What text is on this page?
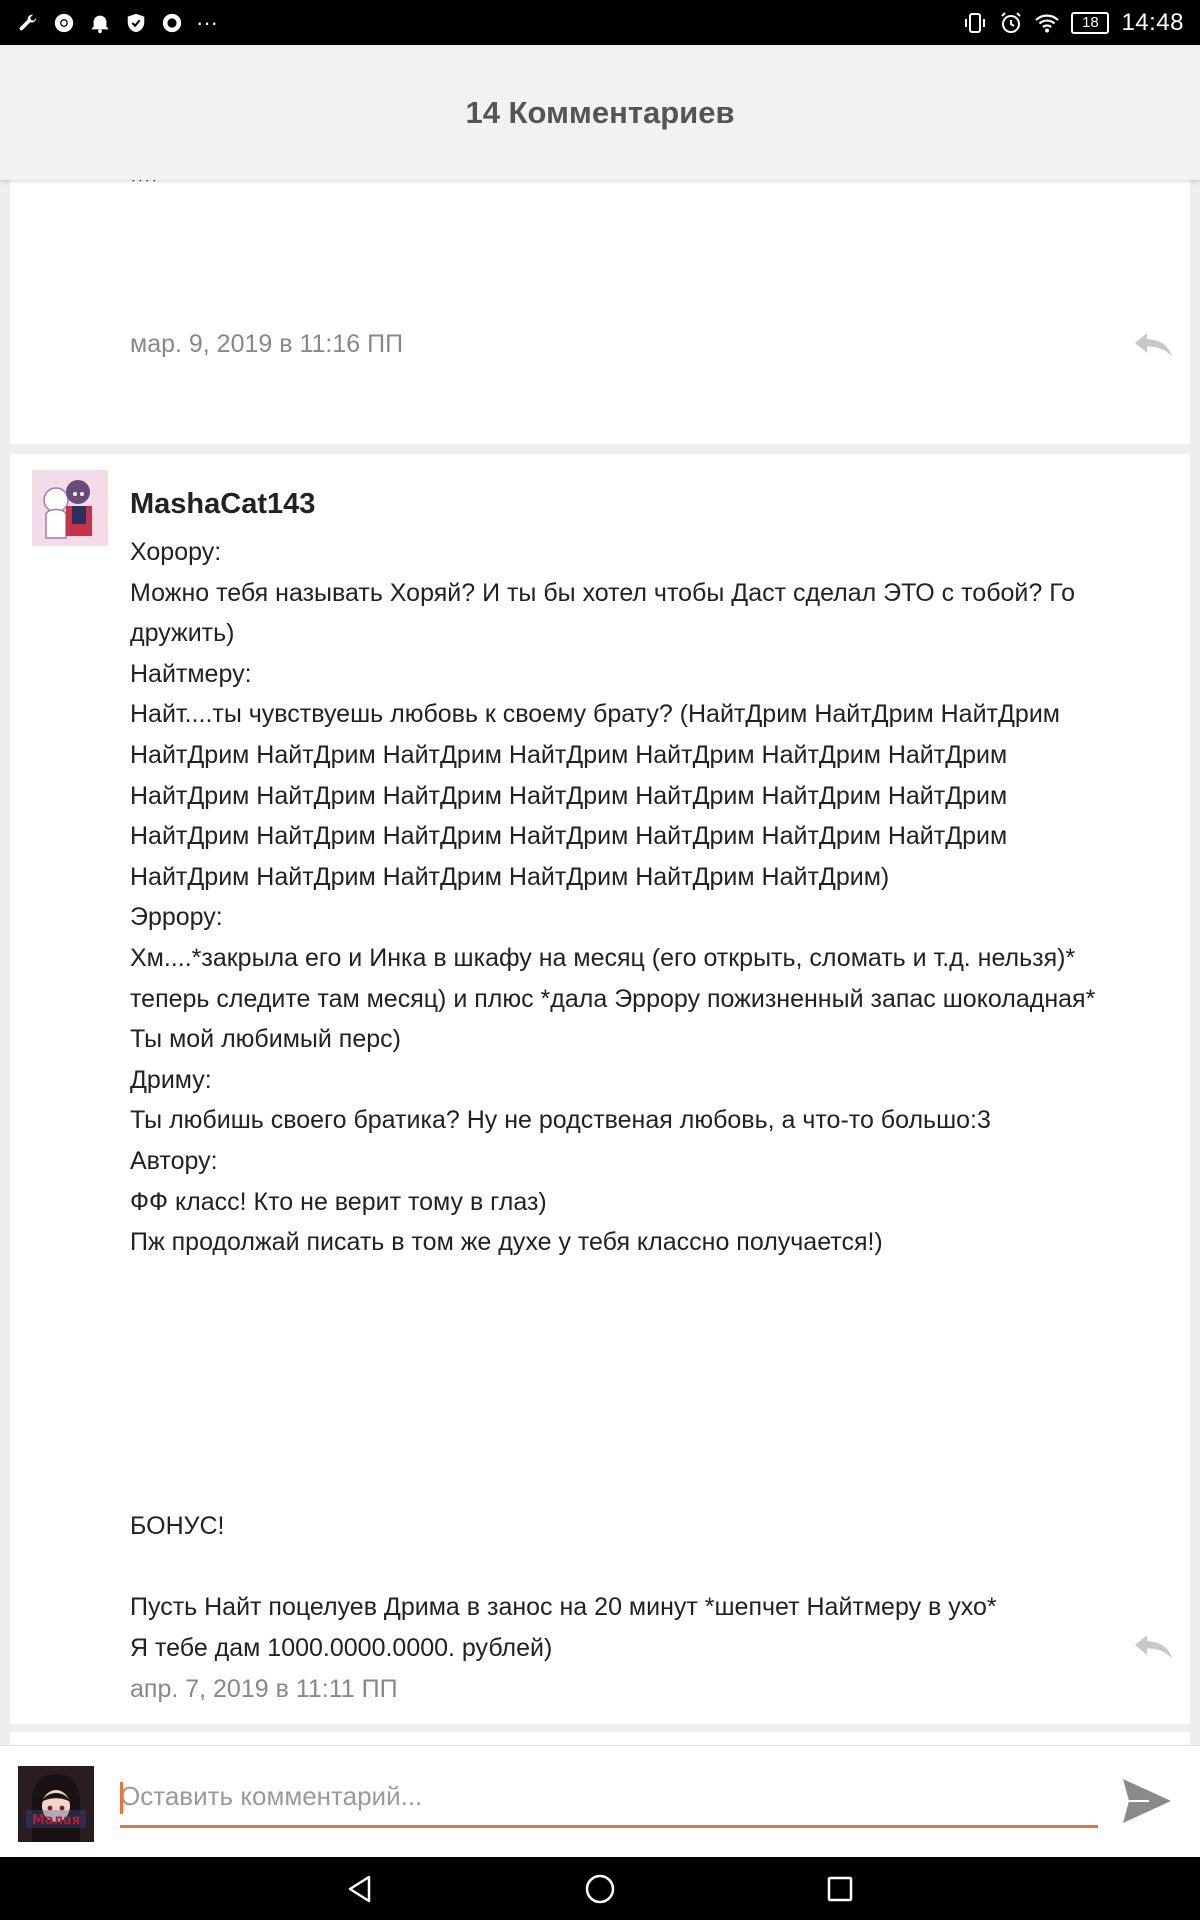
···	18 14:48
14 Комментариев
мар. 9, 2019 в 11:16 ПП
MashaCat143
Хорору:
Можно тебя называть Хоряй? И ты бы хотел чтобы Даст сделал ЭТО с тобой? Го
дружить)
Найтмеру:
Найт....ты чувствуешь любовь к своему брату? (НайтДрим НайтДрим НайтДрим
НайтДрим НайтДрим НайтДрим НайтДрим НайтДрим НайтДрим НайтДрим
НайтДрим НайтДрим НайтДрим НайтДрим НайтДрим НайтДрим НайтДрим
НайтДрим НайтДрим НайтДрим НайтДрим НайтДрим НайтДрим НайтДрим
НайтДрим НайтДрим НайтДрим НайтДрим НайтДрим НайтДрим)
Эррору:
Хм....*закрыла его и Инка в шкафу на месяц (его открыть, сломать и т.д. нельзя)*
теперь следите там месяц) и плюс *дала Эррору пожизненный запас шоколадная*
Ты мой любимый перс)
Дриму:
Ты любишь своего братика? Ну не родственая любовь, а что-то большо:3
Автору:
ФФ класс! Кто не верит тому в глаз)
Пж продолжай писать в том же духе у тебя классно получается!)
БОНУС!
Пусть Найт поцелуев Дрима в занос на 20 минут *шепчет Найтмеру в ухо*
Я тебе дам 1000.0000.0000. рублей)
апр. 7, 2019 в 11:11 ПП
Малая
Оставить комментарий...
